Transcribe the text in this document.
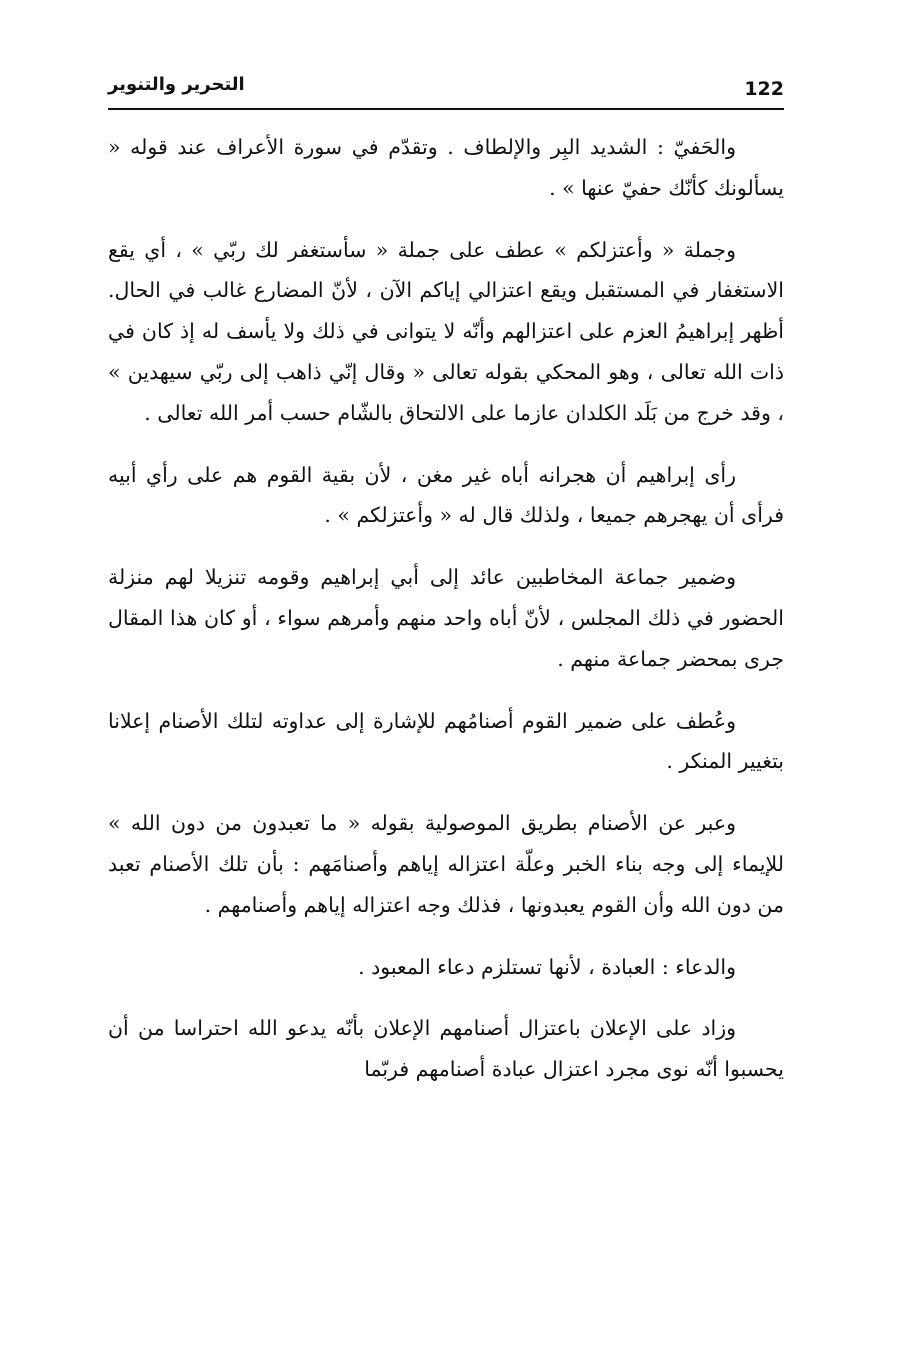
122
التحرير والتنوير

والحَفيّ : الشديد البِر والإلطاف . وتقدّم في سورة الأعراف عند قوله « يسألونك كأنّك حفيّ عنها » .

وجملة « وأعتزلكم » عطف على جملة « سأستغفر لك ربّي » ، أي يقع الاستغفار في المستقبل ويقع اعتزالي إياكم الآن ، لأنّ المضارع غالب في الحال. أظهر إبراهيمُ العزم على اعتزالهم وأنّه لا يتوانى في ذلك ولا يأسف له إذ كان في ذات الله تعالى ، وهو المحكي بقوله تعالى « وقال إنّي ذاهب إلى ربّي سيهدين » ، وقد خرج من بَلَد الكلدان عازما على الالتحاق بالشّام حسب أمر الله تعالى .

رأى إبراهيم أن هجرانه أباه غير مغن ، لأن بقية القوم هم على رأي أبيه فرأى أن يهجرهم جميعا ، ولذلك قال له « وأعتزلكم » .

وضمير جماعة المخاطبين عائد إلى أبي إبراهيم وقومه تنزيلا لهم منزلة الحضور في ذلك المجلس ، لأنّ أباه واحد منهم وأمرهم سواء ، أو كان هذا المقال جرى بمحضر جماعة منهم .

وعُطف على ضمير القوم أصنامُهم للإشارة إلى عداوته لتلك الأصنام إعلانا بتغيير المنكر .

وعبر عن الأصنام بطريق الموصولية بقوله « ما تعبدون من دون الله » للإيماء إلى وجه بناء الخبر وعلّة اعتزاله إياهم وأصنامَهم : بأن تلك الأصنام تعبد من دون الله وأن القوم يعبدونها ، فذلك وجه اعتزاله إياهم وأصنامهم .

والدعاء : العبادة ، لأنها تستلزم دعاء المعبود .

وزاد على الإعلان باعتزال أصنامهم الإعلان بأنّه يدعو الله احتراسا من أن يحسبوا أنّه نوى مجرد اعتزال عبادة أصنامهم فربّما
